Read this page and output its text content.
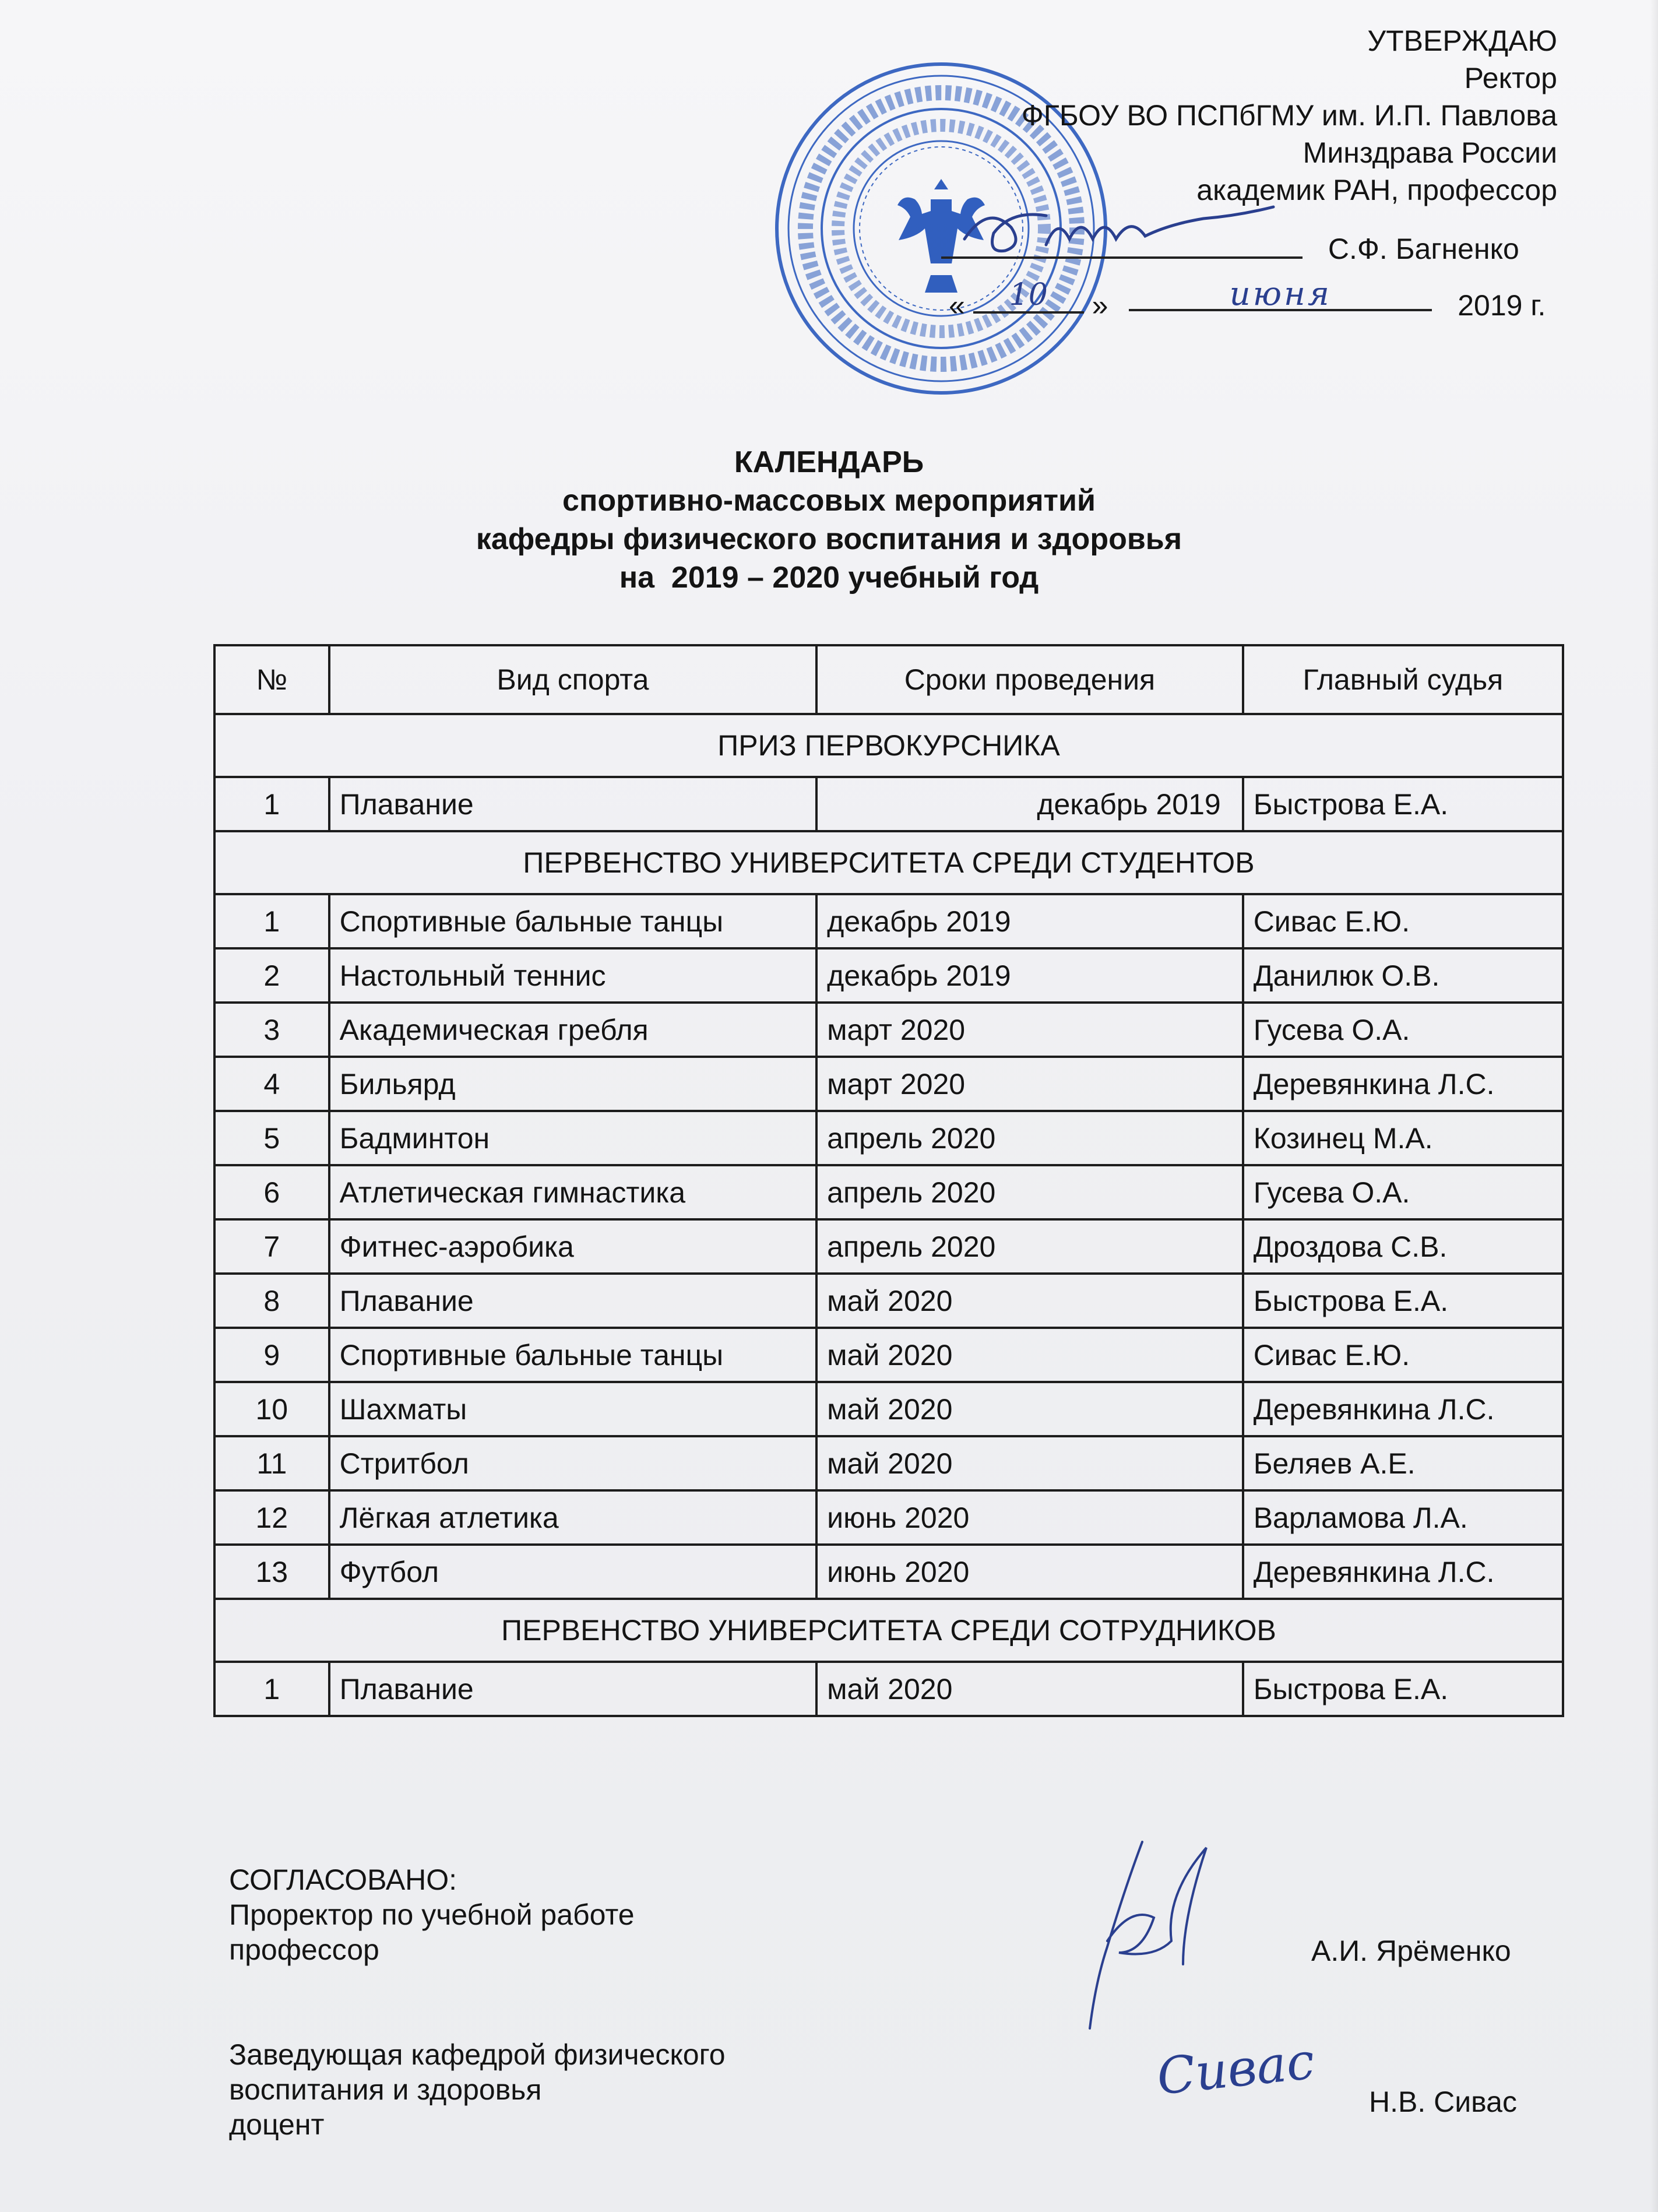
УТВЕРЖДАЮ
Ректор
ФГБОУ ВО ПСПбГМУ им. И.П. Павлова
Минздрава России
академик РАН, профессор
С.Ф. Багненко
« 10 »	июня	2019 г.
КАЛЕНДАРЬ
спортивно-массовых мероприятий
кафедры физического воспитания и здоровья
на  2019 – 2020 учебный год
№	Вид спорта	Сроки проведения	Главный судья
ПРИЗ ПЕРВОКУРСНИКА			
1	Плавание	декабрь 2019	Быстрова Е.А.
ПЕРВЕНСТВО УНИВЕРСИТЕТА СРЕДИ СТУДЕНТОВ			
1	Спортивные бальные танцы	декабрь 2019	Сивас Е.Ю.
2	Настольный теннис	декабрь 2019	Данилюк О.В.
3	Академическая гребля	март 2020	Гусева О.А.
4	Бильярд	март 2020	Деревянкина Л.С.
5	Бадминтон	апрель 2020	Козинец М.А.
6	Атлетическая гимнастика	апрель 2020	Гусева О.А.
7	Фитнес-аэробика	апрель 2020	Дроздова С.В.
8	Плавание	май 2020	Быстрова Е.А.
9	Спортивные бальные танцы	май 2020	Сивас Е.Ю.
10	Шахматы	май 2020	Деревянкина Л.С.
11	Стритбол	май 2020	Беляев А.Е.
12	Лёгкая атлетика	июнь 2020	Варламова Л.А.
13	Футбол	июнь 2020	Деревянкина Л.С.
ПЕРВЕНСТВО УНИВЕРСИТЕТА СРЕДИ СОТРУДНИКОВ			
1	Плавание	май 2020	Быстрова Е.А.
СОГЛАСОВАНО:
Проректор по учебной работе
профессор
Заведующая кафедрой физического
воспитания и здоровья
доцент
А.И. Ярёменко
Н.В. Сивас
Сивас
